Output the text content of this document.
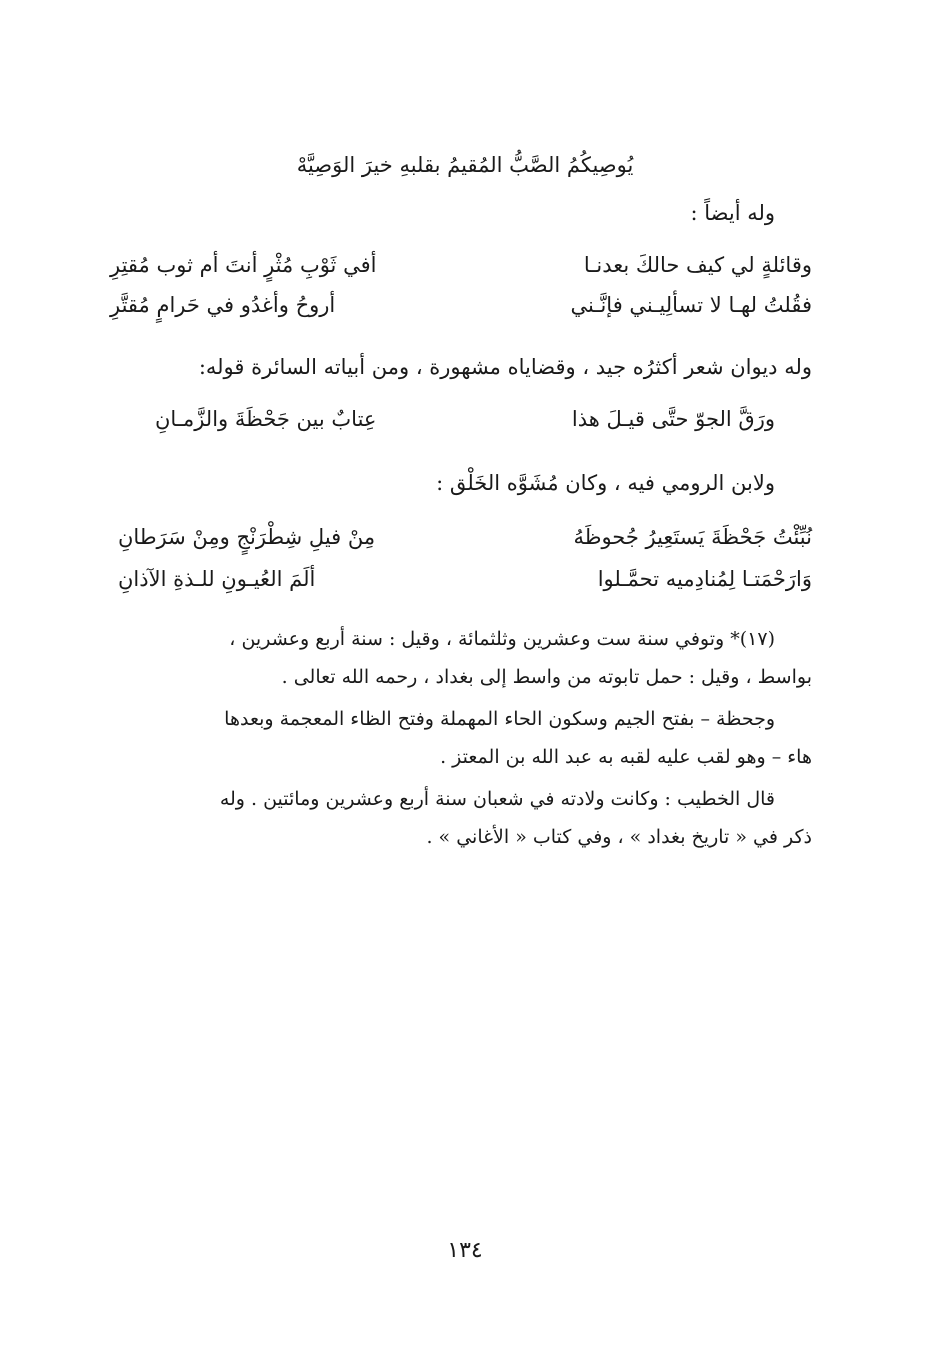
يُوصِيكُمُ الصَّبُّ المُقيمُ بقلبهِ خيرَ الوَصِيَّهْ
وله أيضاً :
وقائلةٍ لي كيف حالكَ بعدنـا
أفي ثَوْبِ مُثْرٍ أنتَ أم ثوب مُقتِرِ
فقُلتُ لهـا لا تسألِيـني فإنَّـني
أروحُ وأغدُو في حَرامٍ مُقتَّرِ
وله ديوان شعر أكثرُه جيد ، وقضاياه مشهورة ، ومن أبياته السائرة قوله:
ورَقَّ الجوّ حتَّى قيـلَ هذا
عِتابٌ بين جَحْظَةَ والزَّمـانِ
ولابن الرومي فيه ، وكان مُشَوَّه الخَلْق :
نُبِّئْتُ جَحْظَةَ يَستَعِيرُ جُحوظَهُ
مِنْ فيلِ شِطْرَنْجٍ ومِنْ سَرَطانِ
وَارَحْمَتـا لِمُنادِميه تحمَّـلوا
ألَمَ العُيـونِ للـذةِ الآذانِ
(١٧)* وتوفي سنة ست وعشرين وثلثمائة ، وقيل : سنة أربع وعشرين ،
بواسط ، وقيل : حمل تابوته من واسط إلى بغداد ، رحمه الله تعالى .
وجحظة – بفتح الجيم وسكون الحاء المهملة وفتح الظاء المعجمة وبعدها
هاء – وهو لقب عليه لقبه به عبد الله بن المعتز .
قال الخطيب : وكانت ولادته في شعبان سنة أربع وعشرين ومائتين . وله
ذكر في « تاريخ بغداد » ، وفي كتاب « الأغاني » .
١٣٤
